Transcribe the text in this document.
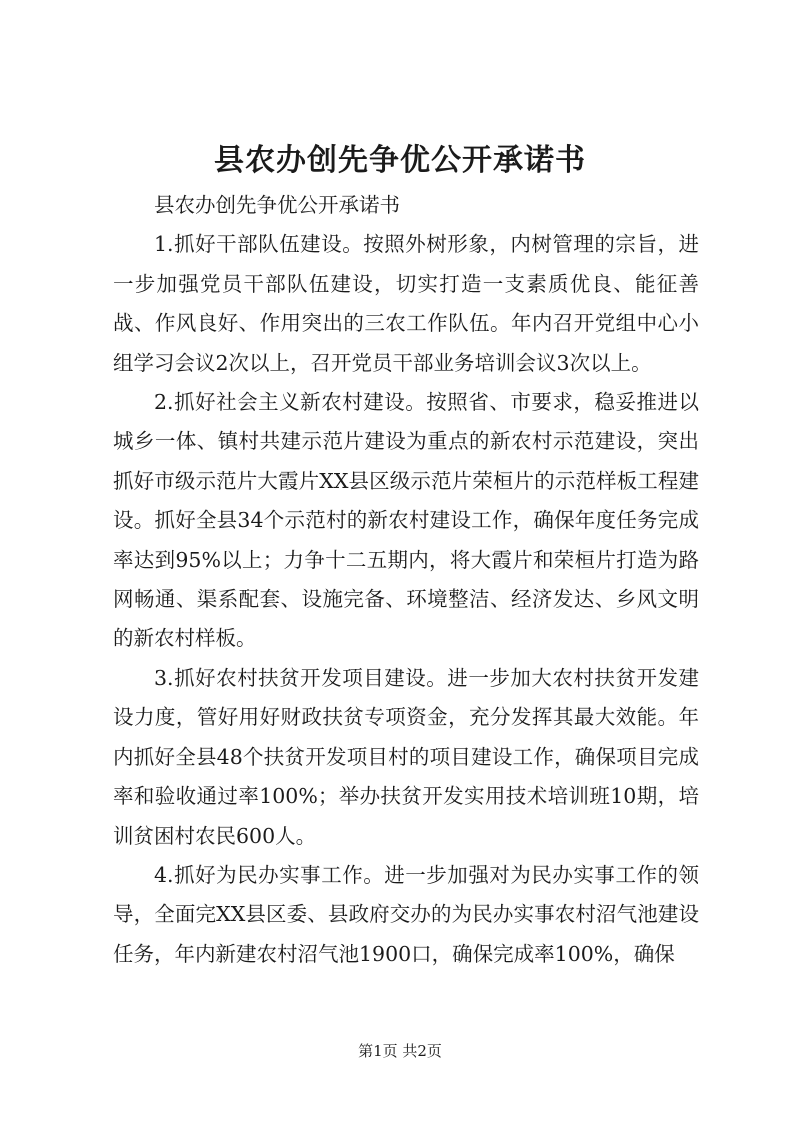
县农办创先争优公开承诺书

县农办创先争优公开承诺书

1.抓好干部队伍建设。按照外树形象，内树管理的宗旨，进一步加强党员干部队伍建设，切实打造一支素质优良、能征善战、作风良好、作用突出的三农工作队伍。年内召开党组中心小组学习会议2次以上，召开党员干部业务培训会议3次以上。

2.抓好社会主义新农村建设。按照省、市要求，稳妥推进以城乡一体、镇村共建示范片建设为重点的新农村示范建设，突出抓好市级示范片大霞片XX县区级示范片荣桓片的示范样板工程建设。抓好全县34个示范村的新农村建设工作，确保年度任务完成率达到95%以上；力争十二五期内，将大霞片和荣桓片打造为路网畅通、渠系配套、设施完备、环境整洁、经济发达、乡风文明的新农村样板。

3.抓好农村扶贫开发项目建设。进一步加大农村扶贫开发建设力度，管好用好财政扶贫专项资金，充分发挥其最大效能。年内抓好全县48个扶贫开发项目村的项目建设工作，确保项目完成率和验收通过率100%；举办扶贫开发实用技术培训班10期，培训贫困村农民600人。

4.抓好为民办实事工作。进一步加强对为民办实事工作的领导，全面完XX县区委、县政府交办的为民办实事农村沼气池建设任务，年内新建农村沼气池1900口，确保完成率100%，确保

第1页 共2页
